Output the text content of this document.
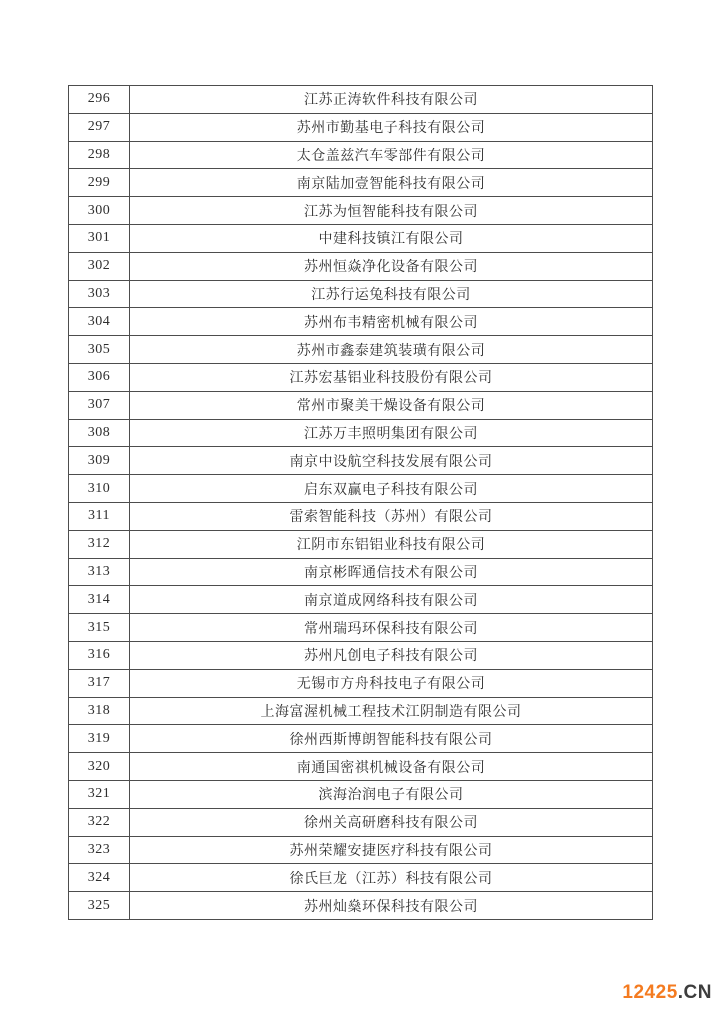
296	江苏正涛软件科技有限公司
297	苏州市勤基电子科技有限公司
298	太仓盖兹汽车零部件有限公司
299	南京陆加壹智能科技有限公司
300	江苏为恒智能科技有限公司
301	中建科技镇江有限公司
302	苏州恒焱净化设备有限公司
303	江苏行运兔科技有限公司
304	苏州布韦精密机械有限公司
305	苏州市鑫泰建筑装璜有限公司
306	江苏宏基铝业科技股份有限公司
307	常州市聚美干燥设备有限公司
308	江苏万丰照明集团有限公司
309	南京中设航空科技发展有限公司
310	启东双赢电子科技有限公司
311	雷索智能科技（苏州）有限公司
312	江阴市东铝铝业科技有限公司
313	南京彬晖通信技术有限公司
314	南京道成网络科技有限公司
315	常州瑞玛环保科技有限公司
316	苏州凡创电子科技有限公司
317	无锡市方舟科技电子有限公司
318	上海富渥机械工程技术江阴制造有限公司
319	徐州西斯博朗智能科技有限公司
320	南通国密祺机械设备有限公司
321	滨海治润电子有限公司
322	徐州关高研磨科技有限公司
323	苏州荣耀安捷医疗科技有限公司
324	徐氏巨龙（江苏）科技有限公司
325	苏州灿燊环保科技有限公司
12425.CN
